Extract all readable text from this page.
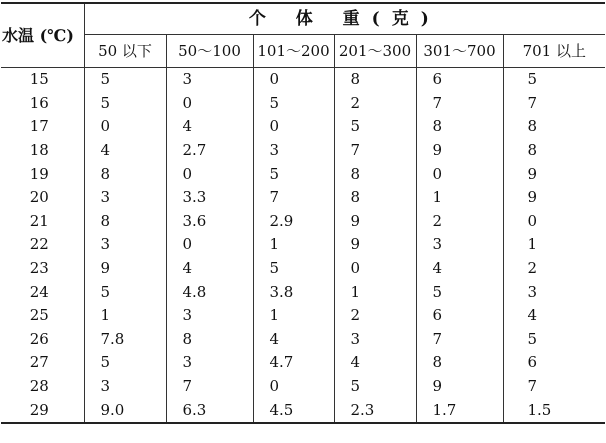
水温 (℃)	个 体 重(克)					
	50 以下	50～100	101～200	201～300	301～700	701 以上
15	5	3	0	8	6	5
16	5	0	5	2	7	7
17	0	4	0	5	8	8
18	4	2.7	3	7	9	8
19	8	0	5	8	0	9
20	3	3.3	7	8	1	9
21	8	3.6	2.9	9	2	0
22	3	0	1	9	3	1
23	9	4	5	0	4	2
24	5	4.8	3.8	1	5	3
25	1	3	1	2	6	4
26	7.8	8	4	3	7	5
27	5	3	4.7	4	8	6
28	3	7	0	5	9	7
29	9.0	6.3	4.5	2.3	1.7	1.5
